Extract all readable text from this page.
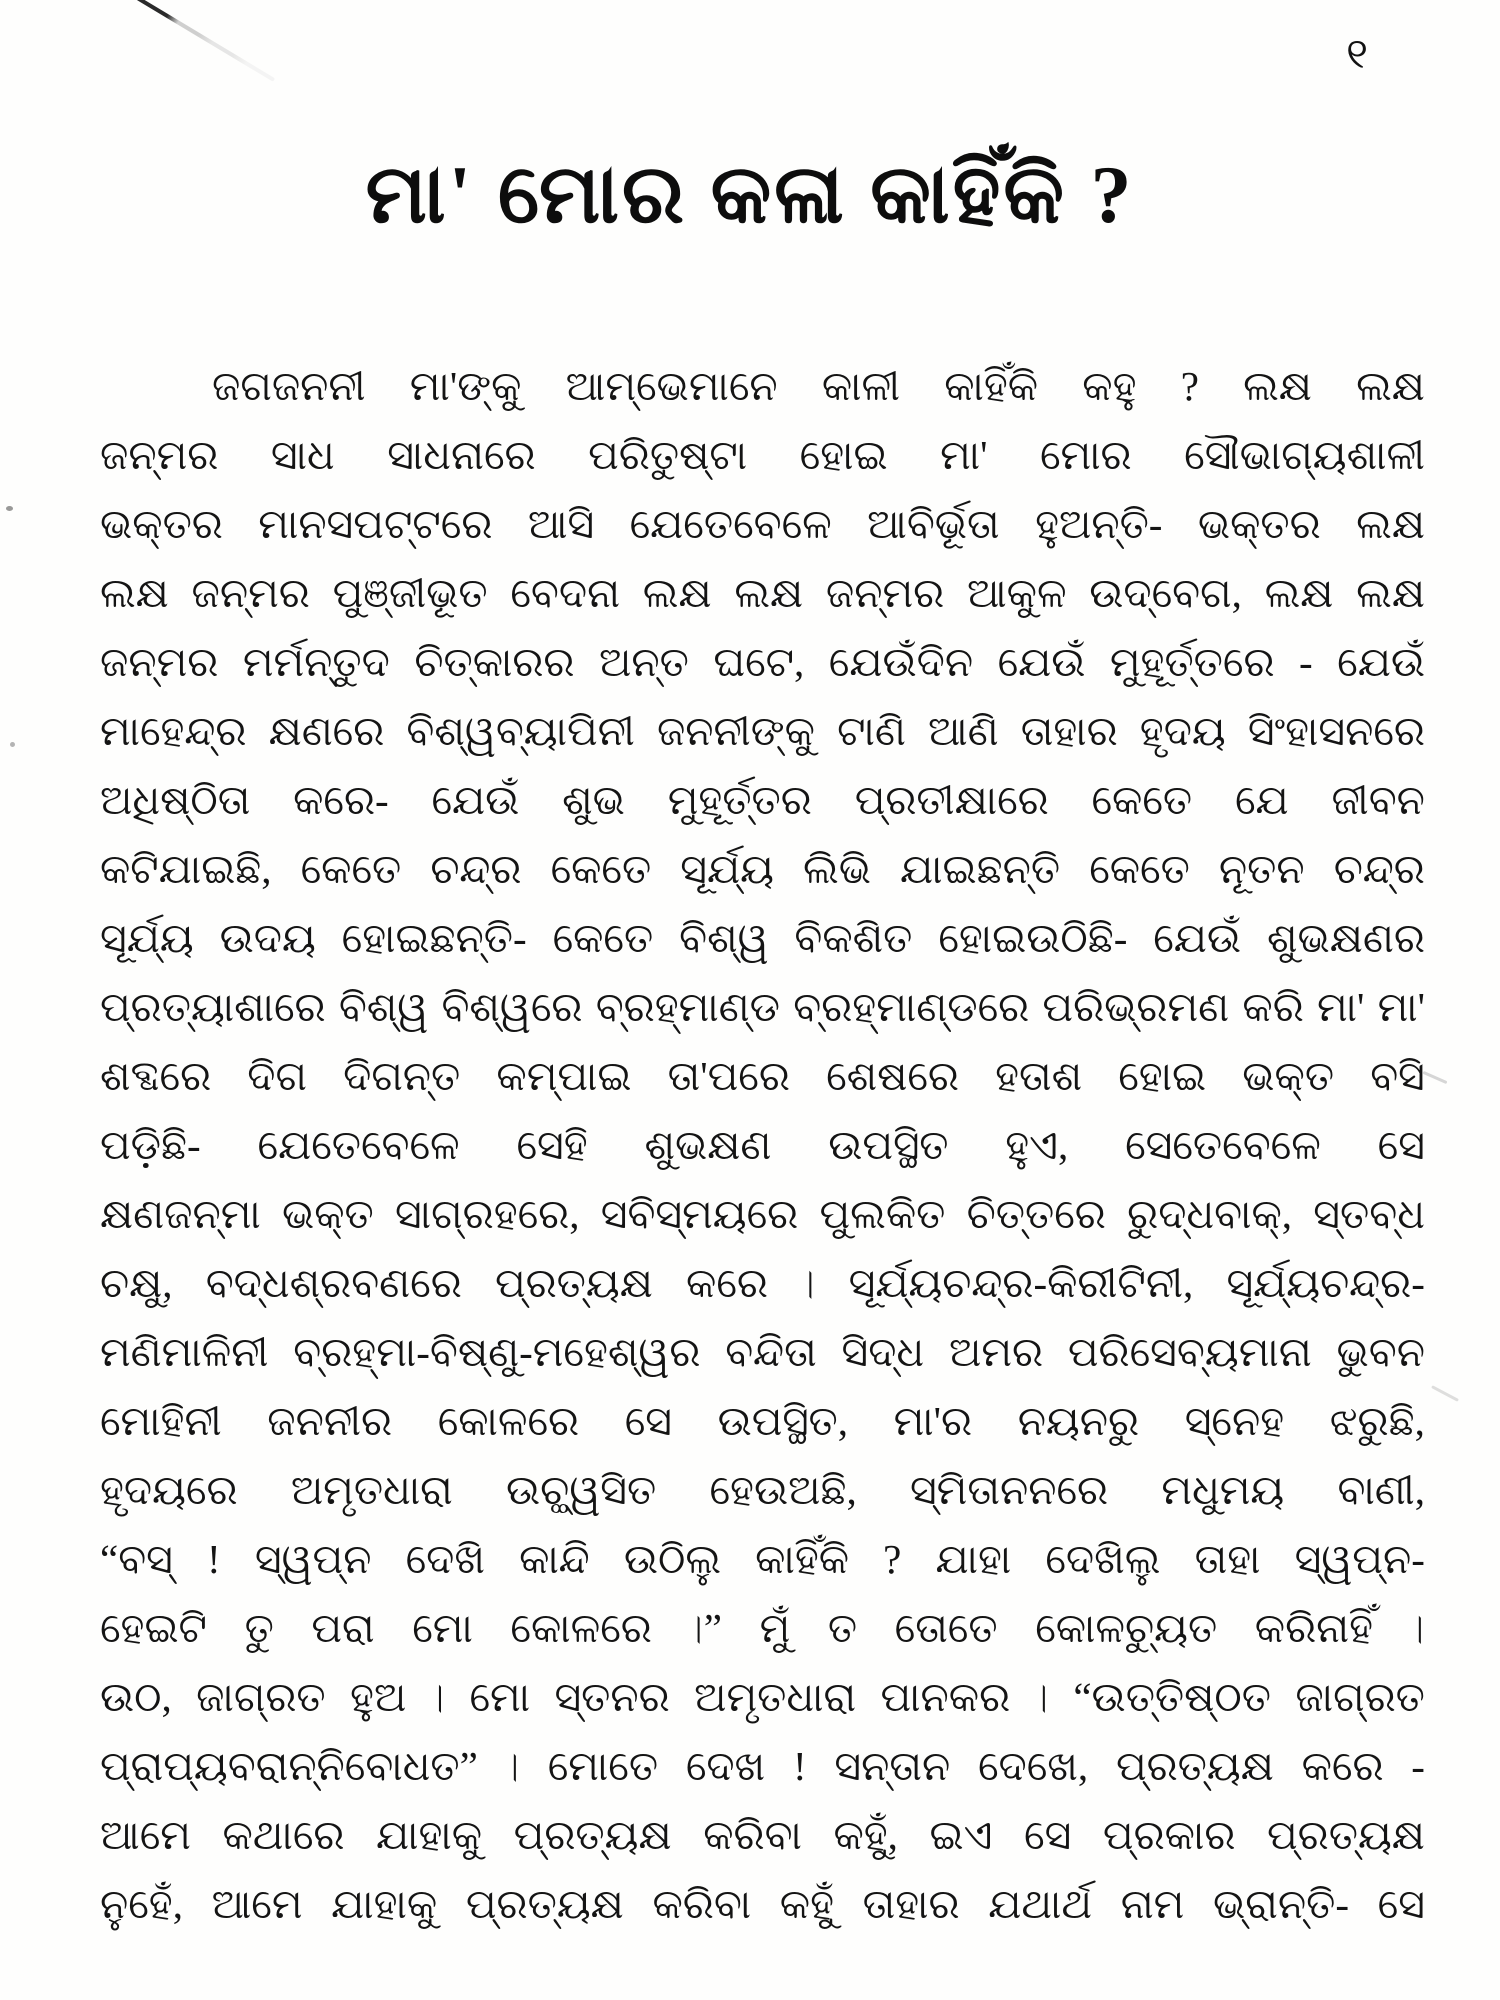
୧
ମା' ମୋର କଳା କାହିଁକି ?

ଜଗଜନନୀ ମା'ଙ୍କୁ ଆମ୍ଭେମାନେ କାଳୀ କାହିଁକି କହୁ ? ଲକ୍ଷ ଲକ୍ଷ

ଜନ୍ମର ସାଧ ସାଧନାରେ ପରିତୁଷ୍ଟା ହୋଇ ମା' ମୋର ସୌଭାଗ୍ୟଶାଳୀ

ଭକ୍ତର ମାନସପଟ୍ଟରେ ଆସି ଯେତେବେଳେ ଆବିର୍ଭୂତା ହୁଅନ୍ତି- ଭକ୍ତର ଲକ୍ଷ

ଲକ୍ଷ ଜନ୍ମର ପୁଞ୍ଜୀଭୂତ ବେଦନା ଲକ୍ଷ ଲକ୍ଷ ଜନ୍ମର ଆକୁଳ ଉଦ୍ବେଗ, ଲକ୍ଷ ଲକ୍ଷ

ଜନ୍ମର ମର୍ମନ୍ତୁଦ ଚିତ୍କାରର ଅନ୍ତ ଘଟେ, ଯେଉଁଦିନ ଯେଉଁ ମୁହୂର୍ତ୍ତରେ - ଯେଉଁ

ମାହେନ୍ଦ୍ର କ୍ଷଣରେ ବିଶ୍ୱବ୍ୟାପିନୀ ଜନନୀଙ୍କୁ ଟାଣି ଆଣି ତାହାର ହୃଦୟ ସିଂହାସନରେ

ଅଧିଷ୍ଠିତା କରେ- ଯେଉଁ ଶୁଭ ମୁହୂର୍ତ୍ତର ପ୍ରତୀକ୍ଷାରେ କେତେ ଯେ ଜୀବନ

କଟିଯାଇଛି, କେତେ ଚନ୍ଦ୍ର କେତେ ସୂର୍ଯ୍ୟ ଲିଭି ଯାଇଛନ୍ତି କେତେ ନୂତନ ଚନ୍ଦ୍ର

ସୂର୍ଯ୍ୟ ଉଦୟ ହୋଇଛନ୍ତି- କେତେ ବିଶ୍ୱ ବିକଶିତ ହୋଇଉଠିଛି- ଯେଉଁ ଶୁଭକ୍ଷଣର

ପ୍ରତ୍ୟାଶାରେ ବିଶ୍ୱ ବିଶ୍ୱରେ ବ୍ରହ୍ମାଣ୍ଡ ବ୍ରହ୍ମାଣ୍ଡରେ ପରିଭ୍ରମଣ କରି ମା' ମା'

ଶବ୍ଦରେ ଦିଗ ଦିଗନ୍ତ କମ୍ପାଇ ତା'ପରେ ଶେଷରେ ହତାଶ ହୋଇ ଭକ୍ତ ବସି

ପଡ଼ିଛି- ଯେତେବେଳେ ସେହି ଶୁଭକ୍ଷଣ ଉପସ୍ଥିତ ହୁଏ, ସେତେବେଳେ ସେ

କ୍ଷଣଜନ୍ମା ଭକ୍ତ ସାଗ୍ରହରେ, ସବିସ୍ମୟରେ ପୁଲକିତ ଚିତ୍ତରେ ରୁଦ୍ଧବାକ୍, ସ୍ତବ୍ଧ

ଚକ୍ଷୁ, ବଦ୍ଧଶ୍ରବଣରେ ପ୍ରତ୍ୟକ୍ଷ କରେ । ସୂର୍ଯ୍ୟଚନ୍ଦ୍ର-କିରୀଟିନୀ, ସୂର୍ଯ୍ୟଚନ୍ଦ୍ର-

ମଣିମାଳିନୀ ବ୍ରହ୍ମା-ବିଷ୍ଣୁ-ମହେଶ୍ୱର ବନ୍ଦିତା ସିଦ୍ଧ ଅମର ପରିସେବ୍ୟମାନା ଭୁବନ

ମୋହିନୀ ଜନନୀର କୋଳରେ ସେ ଉପସ୍ଥିତ, ମା'ର ନୟନରୁ ସ୍ନେହ ଝରୁଛି,

ହୃଦୟରେ ଅମୃତଧାରା ଉଚ୍ଛ୍ୱସିତ ହେଉଅଛି, ସ୍ମିତାନନରେ ମଧୁମୟ ବାଣୀ,

“ବସ୍ ! ସ୍ୱପ୍ନ ଦେଖି କାନ୍ଦି ଉଠିଲୁ କାହିଁକି ? ଯାହା ଦେଖିଲୁ ତାହା ସ୍ୱପ୍ନ-

ହେଇଟି ତୁ ପରା ମୋ କୋଳରେ ।” ମୁଁ ତ ତୋତେ କୋଳଚ୍ୟୁତ କରିନାହିଁ ।

ଉଠ, ଜାଗ୍ରତ ହୁଅ । ମୋ ସ୍ତନର ଅମୃତଧାରା ପାନକର । “ଉତ୍ତିଷ୍ଠତ ଜାଗ୍ରତ

ପ୍ରାପ୍ୟବରାନ୍ନିବୋଧତ” । ମୋତେ ଦେଖ ! ସନ୍ତାନ ଦେଖେ, ପ୍ରତ୍ୟକ୍ଷ କରେ -

ଆମେ କଥାରେ ଯାହାକୁ ପ୍ରତ୍ୟକ୍ଷ କରିବା କହୁଁ, ଇଏ ସେ ପ୍ରକାର ପ୍ରତ୍ୟକ୍ଷ

ନୁହେଁ, ଆମେ ଯାହାକୁ ପ୍ରତ୍ୟକ୍ଷ କରିବା କହୁଁ ତାହାର ଯଥାର୍ଥ ନାମ ଭ୍ରାନ୍ତି- ସେ
